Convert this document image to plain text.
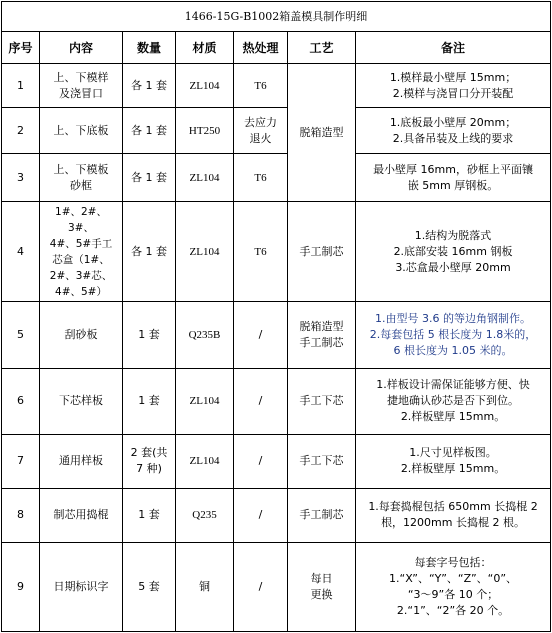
1466-15G-B1002箱盖模具制作明细						
序号	内容	数量	材质	热处理	工艺	备注
1	上、下模样
及浇冒口	各 1 套	ZL104	T6	脱箱造型	1.模样最小壁厚 15mm；
2.模样与浇冒口分开装配
2	上、下底板	各 1 套	HT250	去应力
退火		1.底板最小壁厚 20mm；
2.具备吊装及上线的要求
3	上、下模板
砂框	各 1 套	ZL104	T6		最小壁厚 16mm，砂框上平面镶
嵌 5mm 厚钢板。
4	1#、2#、3#、
4#、5#手工
芯盒（1#、
2#、3#芯、
4#、5#）	各 1 套	ZL104	T6	手工制芯	1.结构为脱落式
2.底部安装 16mm 钢板
3.芯盒最小壁厚 20mm
5	刮砂板	1 套	Q235B	/	脱箱造型
手工制芯	1.由型号 3.6 的等边角钢制作。
2.每套包括 5 根长度为 1.8米的，
6 根长度为 1.05 米的。
6	下芯样板	1 套	ZL104	/	手工下芯	1.样板设计需保证能够方便、快
捷地确认砂芯是否下到位。
2.样板壁厚 15mm。
7	通用样板	2 套(共
7 种)	ZL104	/	手工下芯	1.尺寸见样板图。
2.样板壁厚 15mm。
8	制芯用捣棍	1 套	Q235	/	手工制芯	1.每套捣棍包括 650mm 长捣棍 2
根，1200mm 长捣棍 2 根。
9	日期标识字	5 套	铜	/	每日
更换	每套字号包括：
1.“X”、“Y”、“Z”、“0”、
“3～9”各 10 个；
2.“1”、“2”各 20 个。
